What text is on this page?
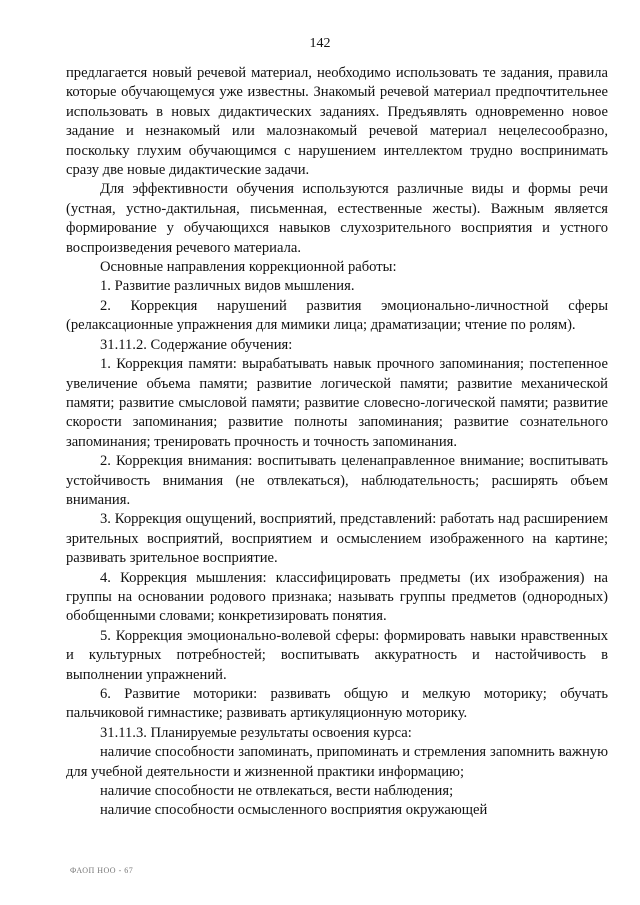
142

предлагается новый речевой материал, необходимо использовать те задания, правила которые обучающемуся уже известны. Знакомый речевой материал предпочтительнее использовать в новых дидактических заданиях. Предъявлять одновременно новое задание и незнакомый или малознакомый речевой материал нецелесообразно, поскольку глухим обучающимся с нарушением интеллектом трудно воспринимать сразу две новые дидактические задачи.

Для эффективности обучения используются различные виды и формы речи (устная, устно-дактильная, письменная, естественные жесты). Важным является формирование у обучающихся навыков слухозрительного восприятия и устного воспроизведения речевого материала.

Основные направления коррекционной работы:

1. Развитие различных видов мышления.

2. Коррекция нарушений развития эмоционально-личностной сферы (релаксационные упражнения для мимики лица; драматизации; чтение по ролям).

31.11.2. Содержание обучения:

1. Коррекция памяти: вырабатывать навык прочного запоминания; постепенное увеличение объема памяти; развитие логической памяти; развитие механической памяти; развитие смысловой памяти; развитие словесно-логической памяти; развитие скорости запоминания; развитие полноты запоминания; развитие сознательного запоминания; тренировать прочность и точность запоминания.

2. Коррекция внимания: воспитывать целенаправленное внимание; воспитывать устойчивость внимания (не отвлекаться), наблюдательность; расширять объем внимания.

3. Коррекция ощущений, восприятий, представлений: работать над расширением зрительных восприятий, восприятием и осмыслением изображенного на картине; развивать зрительное восприятие.

4. Коррекция мышления: классифицировать предметы (их изображения) на группы на основании родового признака; называть группы предметов (однородных) обобщенными словами; конкретизировать понятия.

5. Коррекция эмоционально-волевой сферы: формировать навыки нравственных и культурных потребностей; воспитывать аккуратность и настойчивость в выполнении упражнений.

6. Развитие моторики: развивать общую и мелкую моторику; обучать пальчиковой гимнастике; развивать артикуляционную моторику.

31.11.3. Планируемые результаты освоения курса:

наличие способности запоминать, припоминать и стремления запомнить важную для учебной деятельности и жизненной практики информацию;

наличие способности не отвлекаться, вести наблюдения;

наличие способности осмысленного восприятия окружающей

ФАОП НОО - 67
